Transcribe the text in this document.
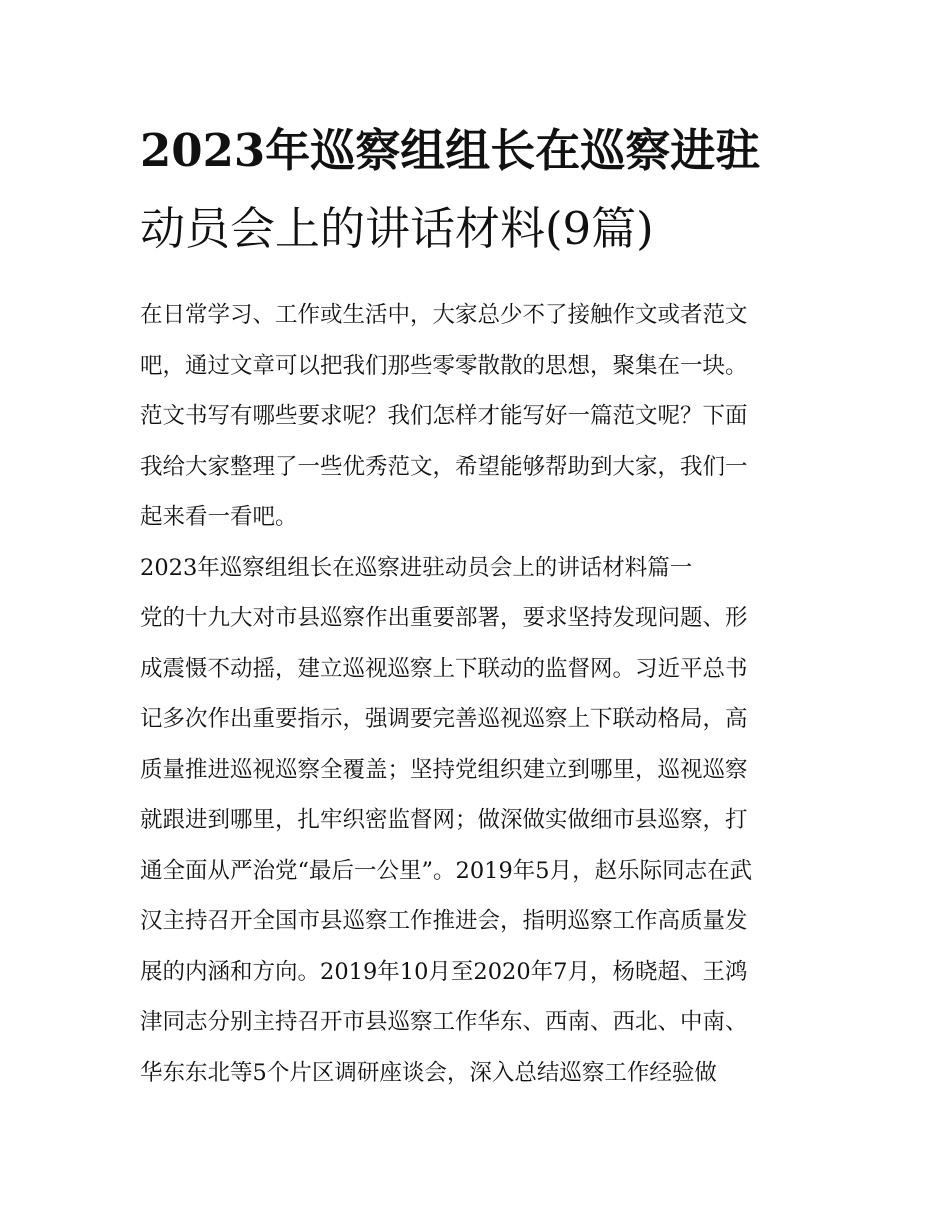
2023年巡察组组长在巡察进驻
动员会上的讲话材料(9篇)
在日常学习、工作或生活中，大家总少不了接触作文或者范文
吧，通过文章可以把我们那些零零散散的思想，聚集在一块。
范文书写有哪些要求呢？我们怎样才能写好一篇范文呢？下面
我给大家整理了一些优秀范文，希望能够帮助到大家，我们一
起来看一看吧。
2023年巡察组组长在巡察进驻动员会上的讲话材料篇一
党的十九大对市县巡察作出重要部署，要求坚持发现问题、形
成震慑不动摇，建立巡视巡察上下联动的监督网。习近平总书
记多次作出重要指示，强调要完善巡视巡察上下联动格局，高
质量推进巡视巡察全覆盖；坚持党组织建立到哪里，巡视巡察
就跟进到哪里，扎牢织密监督网；做深做实做细市县巡察，打
通全面从严治党“最后一公里”。2019年5月，赵乐际同志在武
汉主持召开全国市县巡察工作推进会，指明巡察工作高质量发
展的内涵和方向。2019年10月至2020年7月，杨晓超、王鸿
津同志分别主持召开市县巡察工作华东、西南、西北、中南、
华东东北等5个片区调研座谈会，深入总结巡察工作经验做
